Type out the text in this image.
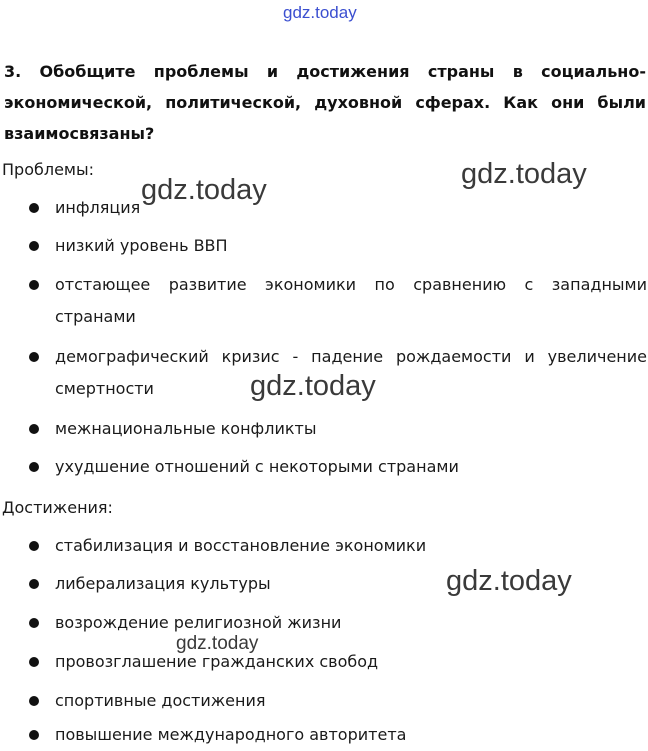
gdz.today
gdz.today
gdz.today
gdz.today
gdz.today
gdz.today

3. Обобщите проблемы и достижения страны в социально-экономической, политической, духовной сферах. Как они были взаимосвязаны?

Проблемы:

инфляция
низкий уровень ВВП
отстающее развитие экономики по сравнению с западными странами
демографический кризис - падение рождаемости и увеличение смертности
межнациональные конфликты
ухудшение отношений с некоторыми странами

Достижения:

стабилизация и восстановление экономики
либерализация культуры
возрождение религиозной жизни
провозглашение гражданских свобод
спортивные достижения
повышение международного авторитета
